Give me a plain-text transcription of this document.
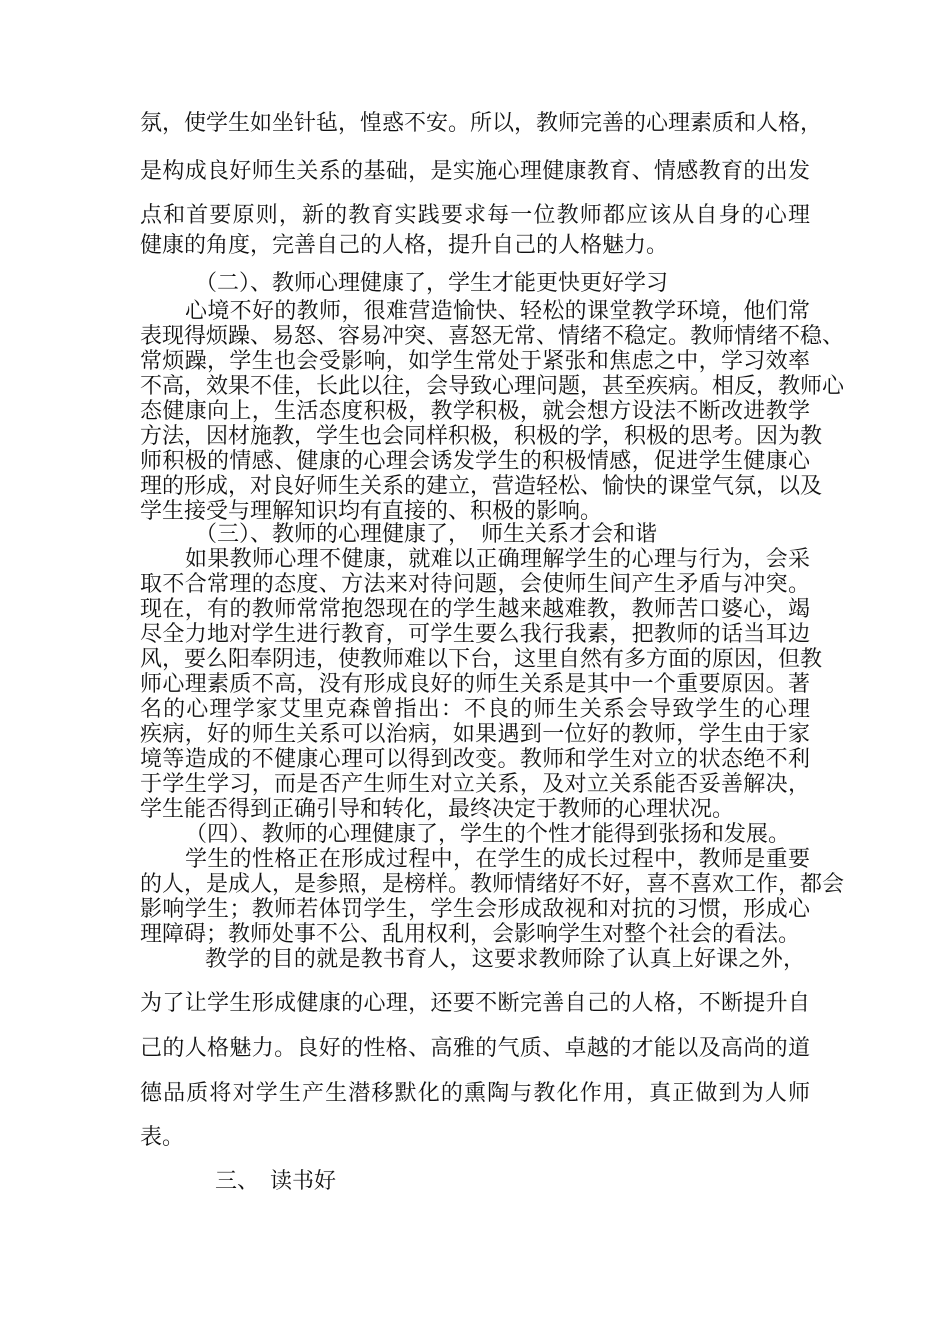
氛，使学生如坐针毡，惶惑不安。所以，教师完善的心理素质和人格，
是构成良好师生关系的基础，是实施心理健康教育、情感教育的出发
点和首要原则，新的教育实践要求每一位教师都应该从自身的心理
健康的角度，完善自己的人格，提升自己的人格魅力。
（二）、教师心理健康了，学生才能更快更好学习
心境不好的教师，很难营造愉快、轻松的课堂教学环境，他们常
表现得烦躁、易怒、容易冲突、喜怒无常、情绪不稳定。教师情绪不稳、
常烦躁，学生也会受影响，如学生常处于紧张和焦虑之中，学习效率
不高，效果不佳，长此以往，会导致心理问题，甚至疾病。相反，教师心
态健康向上，生活态度积极，教学积极，就会想方设法不断改进教学
方法，因材施教，学生也会同样积极，积极的学，积极的思考。因为教
师积极的情感、健康的心理会诱发学生的积极情感，促进学生健康心
理的形成，对良好师生关系的建立，营造轻松、愉快的课堂气氛，以及
学生接受与理解知识均有直接的、积极的影响。
（三）、教师的心理健康了，　师生关系才会和谐
如果教师心理不健康，就难以正确理解学生的心理与行为，会采
取不合常理的态度、方法来对待问题，会使师生间产生矛盾与冲突。
现在，有的教师常常抱怨现在的学生越来越难教，教师苦口婆心，竭
尽全力地对学生进行教育，可学生要么我行我素，把教师的话当耳边
风，要么阳奉阴违，使教师难以下台，这里自然有多方面的原因，但教
师心理素质不高，没有形成良好的师生关系是其中一个重要原因。著
名的心理学家艾里克森曾指出：不良的师生关系会导致学生的心理
疾病，好的师生关系可以治病，如果遇到一位好的教师，学生由于家
境等造成的不健康心理可以得到改变。教师和学生对立的状态绝不利
于学生学习，而是否产生师生对立关系，及对立关系能否妥善解决，
学生能否得到正确引导和转化，最终决定于教师的心理状况。
（四）、教师的心理健康了，学生的个性才能得到张扬和发展。
学生的性格正在形成过程中，在学生的成长过程中，教师是重要
的人，是成人，是参照，是榜样。教师情绪好不好，喜不喜欢工作，都会
影响学生；教师若体罚学生，学生会形成敌视和对抗的习惯，形成心
理障碍；教师处事不公、乱用权利，会影响学生对整个社会的看法。
教学的目的就是教书育人，这要求教师除了认真上好课之外，
为了让学生形成健康的心理，还要不断完善自己的人格，不断提升自
己的人格魅力。良好的性格、高雅的气质、卓越的才能以及高尚的道
德品质将对学生产生潜移默化的熏陶与教化作用，真正做到为人师
表。
三、　读书好
